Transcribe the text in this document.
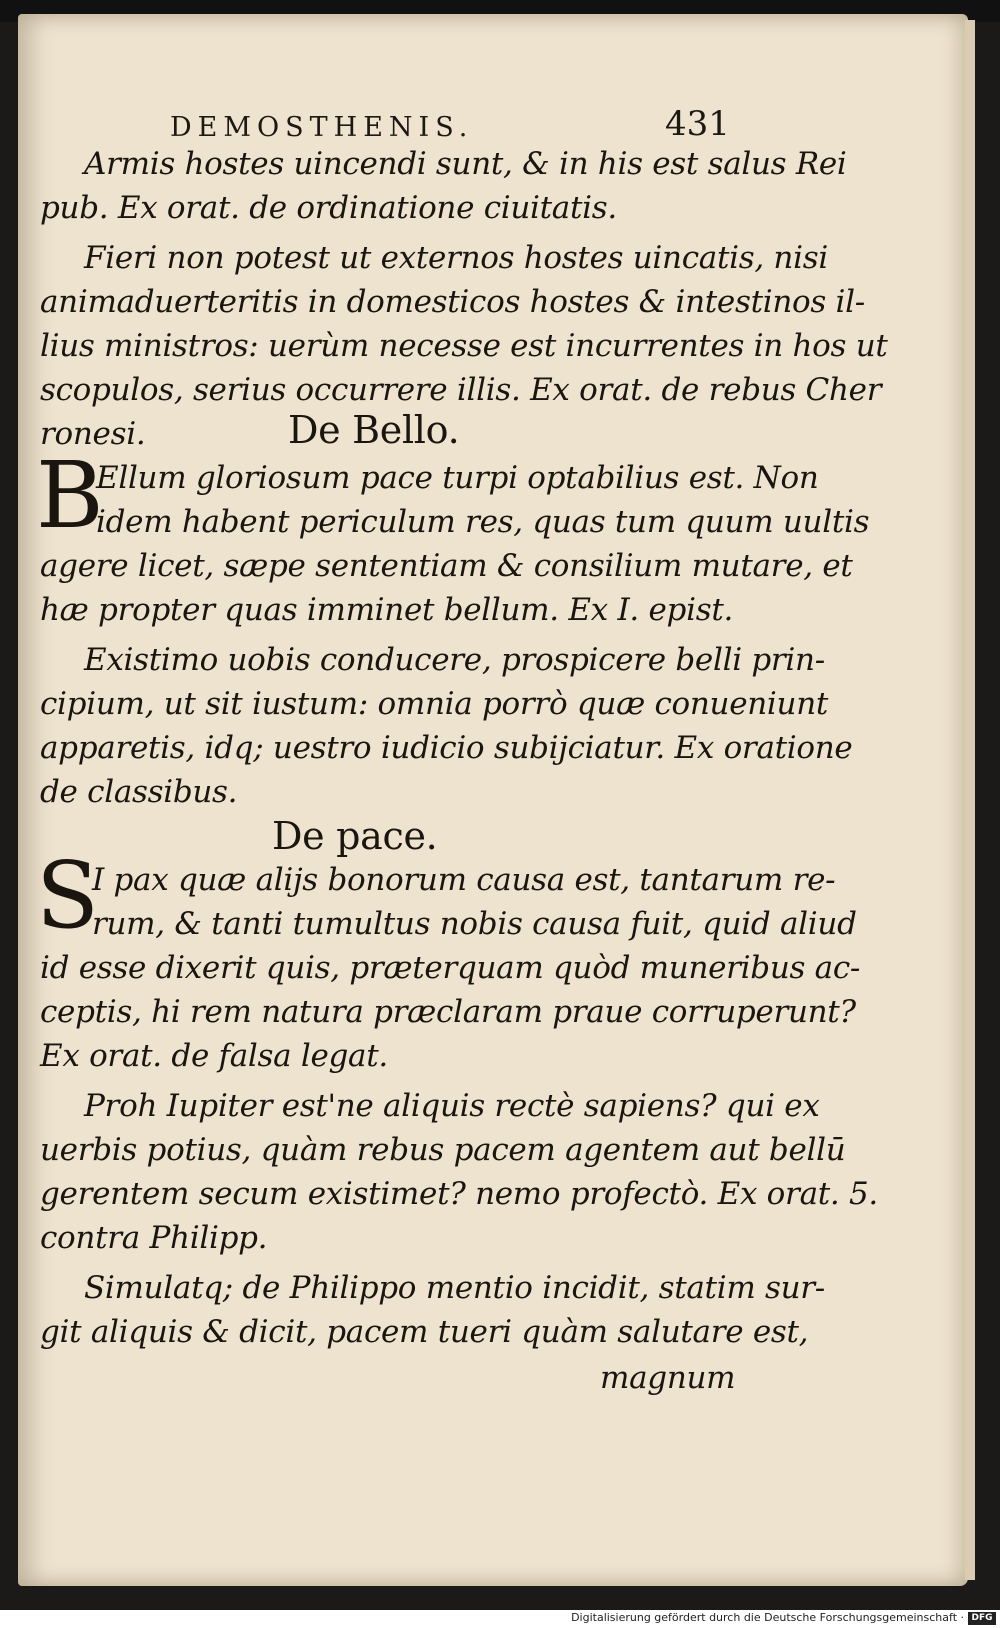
DEMOSTHENIS.	431
Armis hostes uincendi sunt, & in his est salus Rei
pub. Ex orat. de ordinatione ciuitatis.
Fieri non potest ut externos hostes uincatis, nisi
animaduerteritis in domesticos hostes & intestinos il-
lius ministros: uerùm necesse est incurrentes in hos ut
scopulos, serius occurrere illis. Ex orat. de rebus Cher
ronesi.	De Bello.
B
Ellum gloriosum pace turpi optabilius est. Non
idem habent periculum res, quas tum quum uultis
agere licet, sæpe sententiam & consilium mutare, et
hæ propter quas imminet bellum. Ex I. epist.
Existimo uobis conducere, prospicere belli prin-
cipium, ut sit iustum: omnia porrò quæ conueniunt
apparetis, idq; uestro iudicio subijciatur. Ex oratione
de classibus.
De pace.
S
I pax quæ alijs bonorum causa est, tantarum re-
rum, & tanti tumultus nobis causa fuit, quid aliud
id esse dixerit quis, præterquam quòd muneribus ac-
ceptis, hi rem natura præclaram praue corruperunt?
Ex orat. de falsa legat.
Proh Iupiter est'ne aliquis rectè sapiens? qui ex
uerbis potius, quàm rebus pacem agentem aut bellū
gerentem secum existimet? nemo profectò. Ex orat. 5.
contra Philipp.
Simulatq; de Philippo mentio incidit, statim sur-
git aliquis & dicit, pacem tueri quàm salutare est,
magnum
Digitalisierung gefördert durch die Deutsche Forschungsgemeinschaft · DFG
